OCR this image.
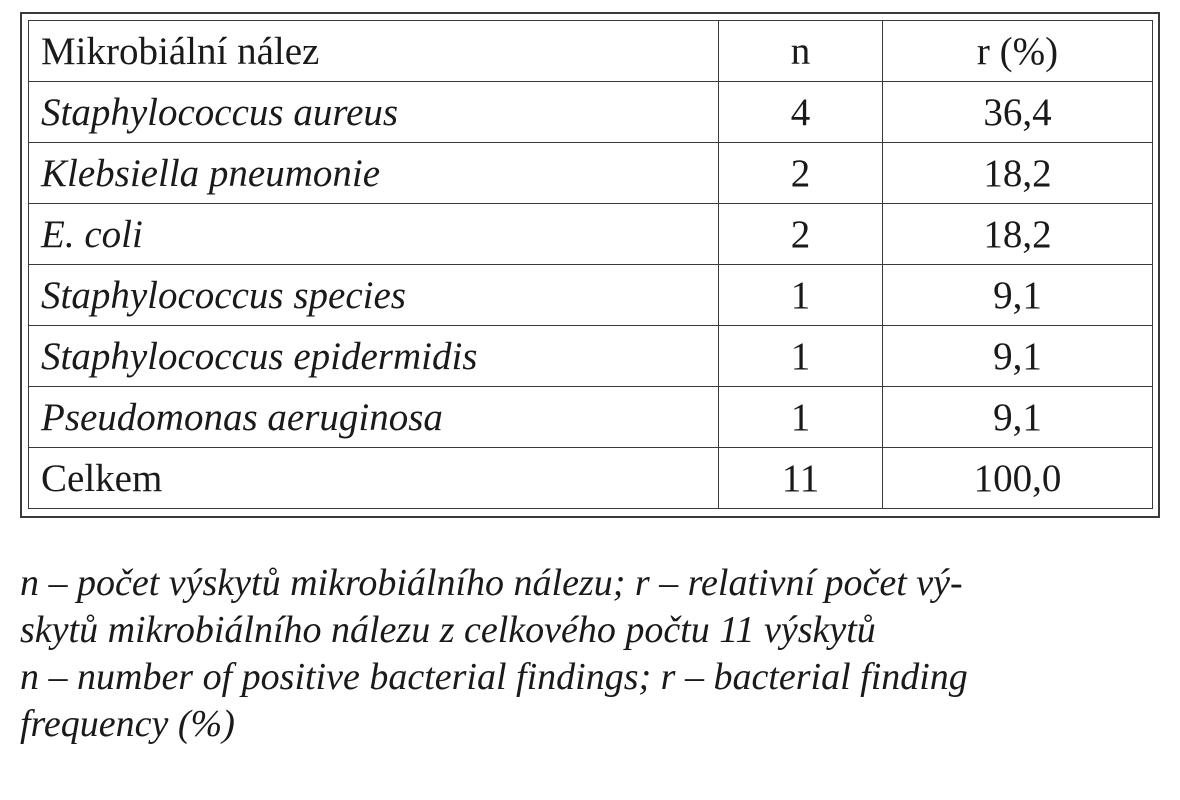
Mikrobiální nález	n	r (%)
Staphylococcus aureus	4	36,4
Klebsiella pneumonie	2	18,2
E. coli	2	18,2
Staphylococcus species	1	9,1
Staphylococcus epidermidis	1	9,1
Pseudomonas aeruginosa	1	9,1
Celkem	11	100,0

n – počet výskytů mikrobiálního nálezu; r – relativní počet vý-

skytů mikrobiálního nálezu z celkového počtu 11 výskytů

n – number of positive bacterial findings; r – bacterial finding

frequency (%)
